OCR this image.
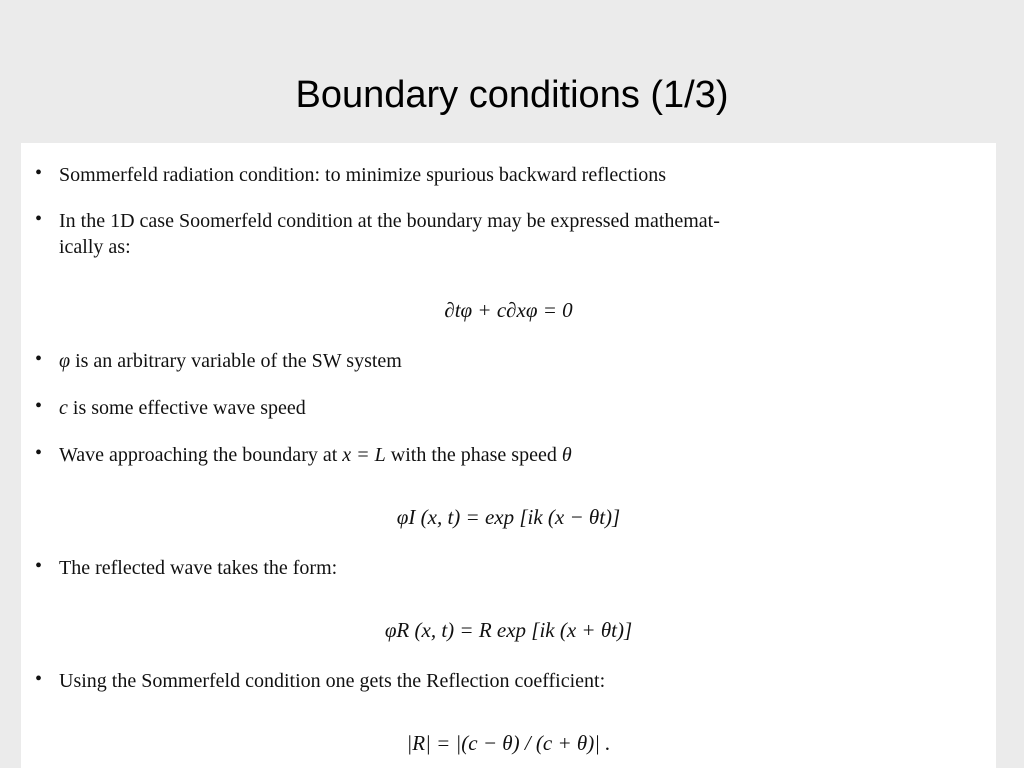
Boundary conditions (1/3)
• Sommerfeld radiation condition: to minimize spurious backward reflections
• In the 1D case Soomerfeld condition at the boundary may be expressed mathemat-
ically as:
∂tφ + c∂xφ = 0
• φ is an arbitrary variable of the SW system
• c is some effective wave speed
• Wave approaching the boundary at x = L with the phase speed θ
φI (x, t) = exp [ik (x − θt)]
• The reflected wave takes the form:
φR (x, t) = R exp [ik (x + θt)]
• Using the Sommerfeld condition one gets the Reflection coefficient:
|R| = |(c − θ) / (c + θ)| .
